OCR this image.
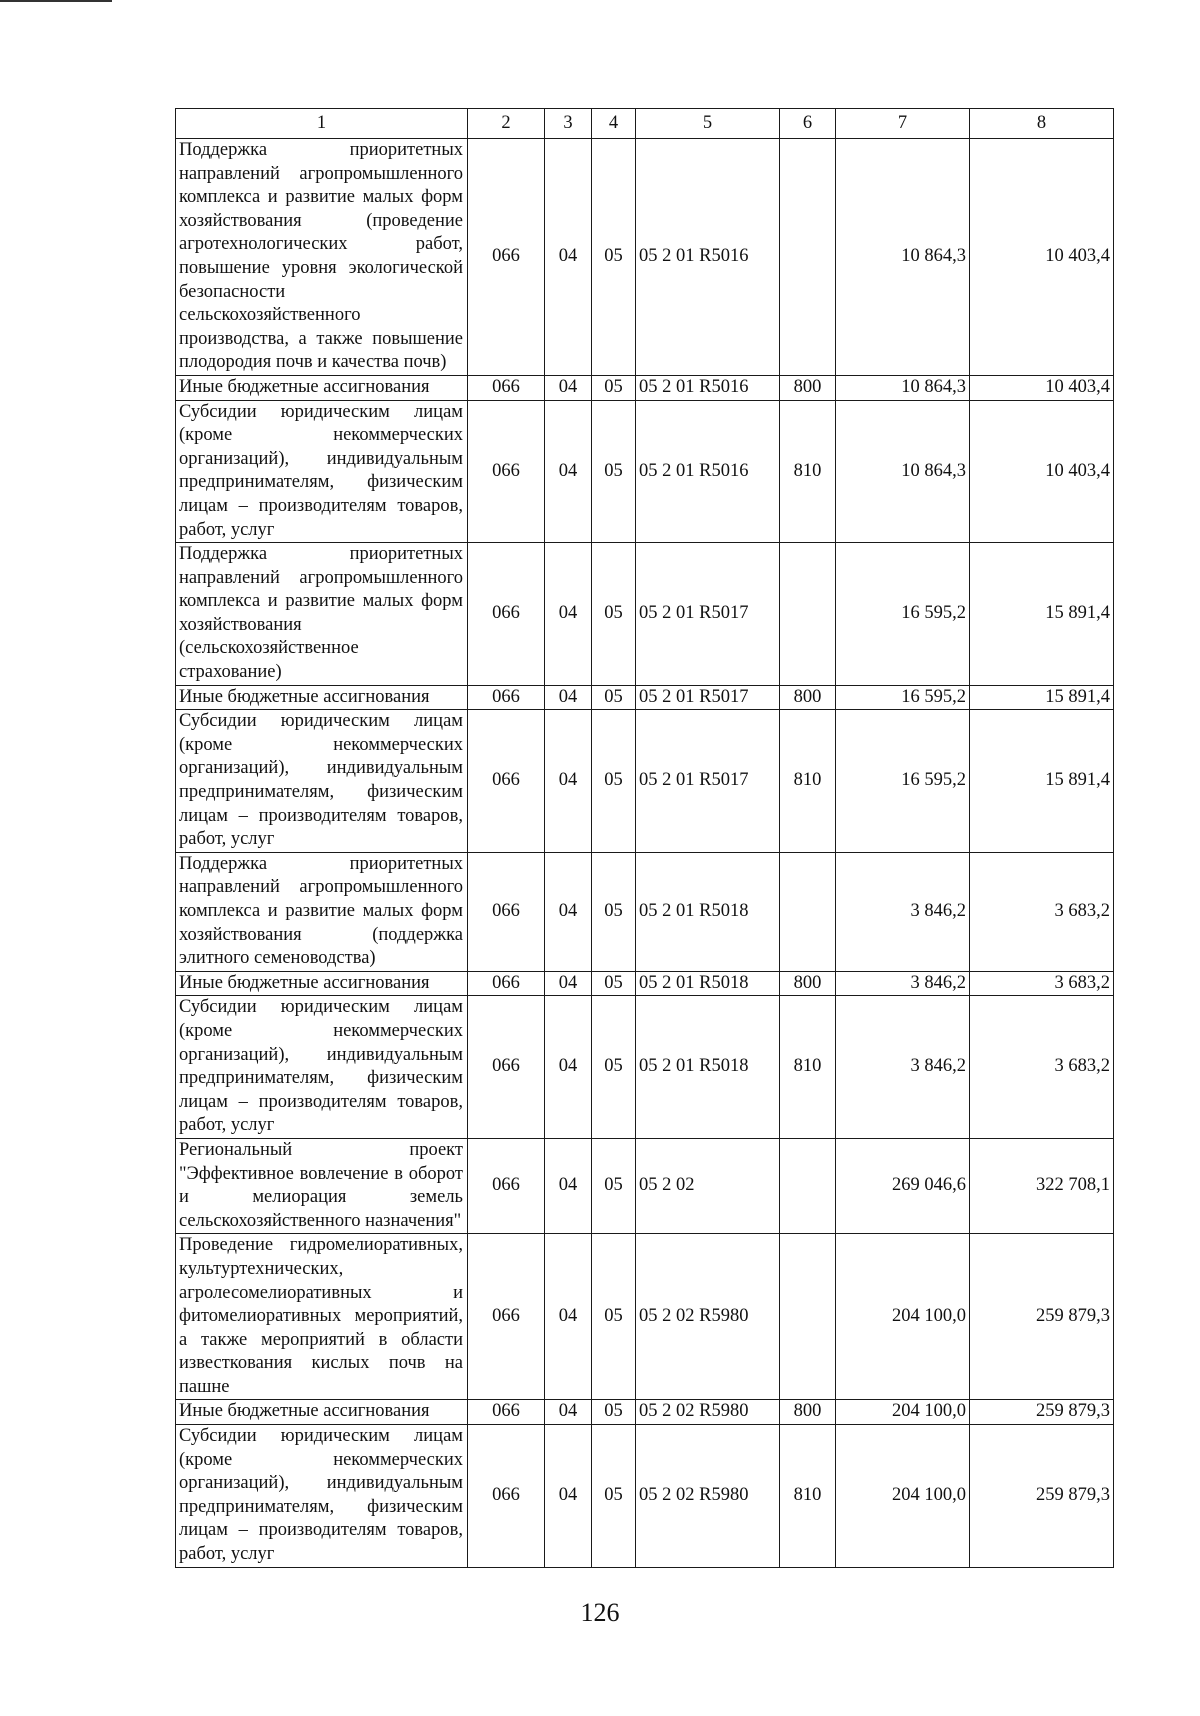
1	2	3	4	5	6	7	8
Поддержка приоритетных направлений агропромышленного комплекса и развитие малых форм хозяйствования (проведение агротехнологических работ, повышение уровня экологической безопасности сельскохозяйственного производства, а также повышение плодородия почв и качества почв)	066	04	05	05 2 01 R5016		10 864,3	10 403,4
Иные бюджетные ассигнования	066	04	05	05 2 01 R5016	800	10 864,3	10 403,4
Субсидии юридическим лицам (кроме некоммерческих организаций), индивидуальным предпринимателям, физическим лицам – производителям товаров, работ, услуг	066	04	05	05 2 01 R5016	810	10 864,3	10 403,4
Поддержка приоритетных направлений агропромышленного комплекса и развитие малых форм хозяйствования (сельскохозяйственное страхование)	066	04	05	05 2 01 R5017		16 595,2	15 891,4
Иные бюджетные ассигнования	066	04	05	05 2 01 R5017	800	16 595,2	15 891,4
Субсидии юридическим лицам (кроме некоммерческих организаций), индивидуальным предпринимателям, физическим лицам – производителям товаров, работ, услуг	066	04	05	05 2 01 R5017	810	16 595,2	15 891,4
Поддержка приоритетных направлений агропромышленного комплекса и развитие малых форм хозяйствования (поддержка элитного семеноводства)	066	04	05	05 2 01 R5018		3 846,2	3 683,2
Иные бюджетные ассигнования	066	04	05	05 2 01 R5018	800	3 846,2	3 683,2
Субсидии юридическим лицам (кроме некоммерческих организаций), индивидуальным предпринимателям, физическим лицам – производителям товаров, работ, услуг	066	04	05	05 2 01 R5018	810	3 846,2	3 683,2
Региональный проект "Эффективное вовлечение в оборот и мелиорация земель сельскохозяйственного назначения"	066	04	05	05 2 02		269 046,6	322 708,1
Проведение гидромелиоративных, культуртехнических, агролесомелиоративных и фитомелиоративных мероприятий, а также мероприятий в области известкования кислых почв на пашне	066	04	05	05 2 02 R5980		204 100,0	259 879,3
Иные бюджетные ассигнования	066	04	05	05 2 02 R5980	800	204 100,0	259 879,3
Субсидии юридическим лицам (кроме некоммерческих организаций), индивидуальным предпринимателям, физическим лицам – производителям товаров, работ, услуг	066	04	05	05 2 02 R5980	810	204 100,0	259 879,3
126
